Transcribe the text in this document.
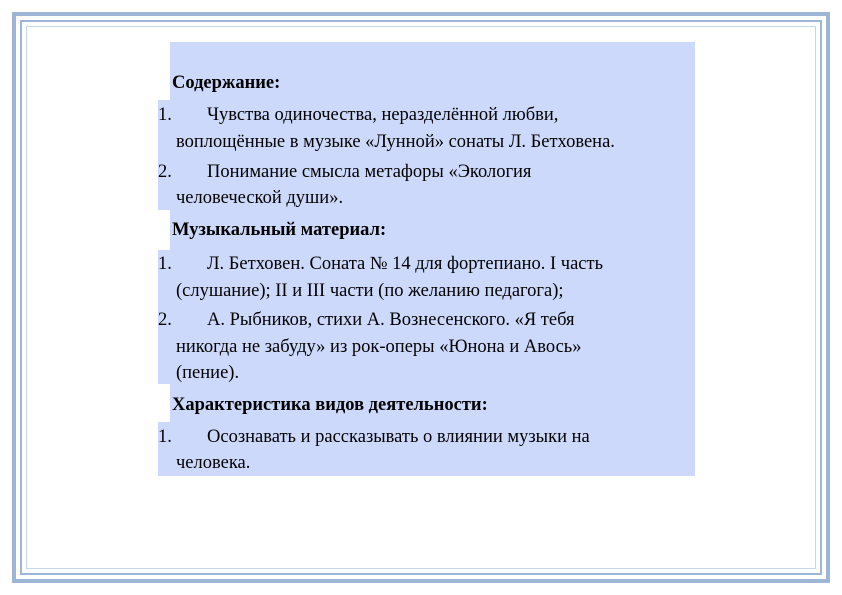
Содержание:
1. Чувства одиночества, неразделённой любви,
воплощённые в музыке «Лунной» сонаты Л. Бетховена.
2. Понимание смысла метафоры «Экология
человеческой души».
Музыкальный материал:
1. Л. Бетховен. Соната № 14 для фортепиано. I часть
(слушание); II и III части (по желанию педагога);
2. А. Рыбников, стихи А. Вознесенского. «Я тебя
никогда не забуду» из рок-оперы «Юнона и Авось»
(пение).
Характеристика видов деятельности:
1. Осознавать и рассказывать о влиянии музыки на
человека.
